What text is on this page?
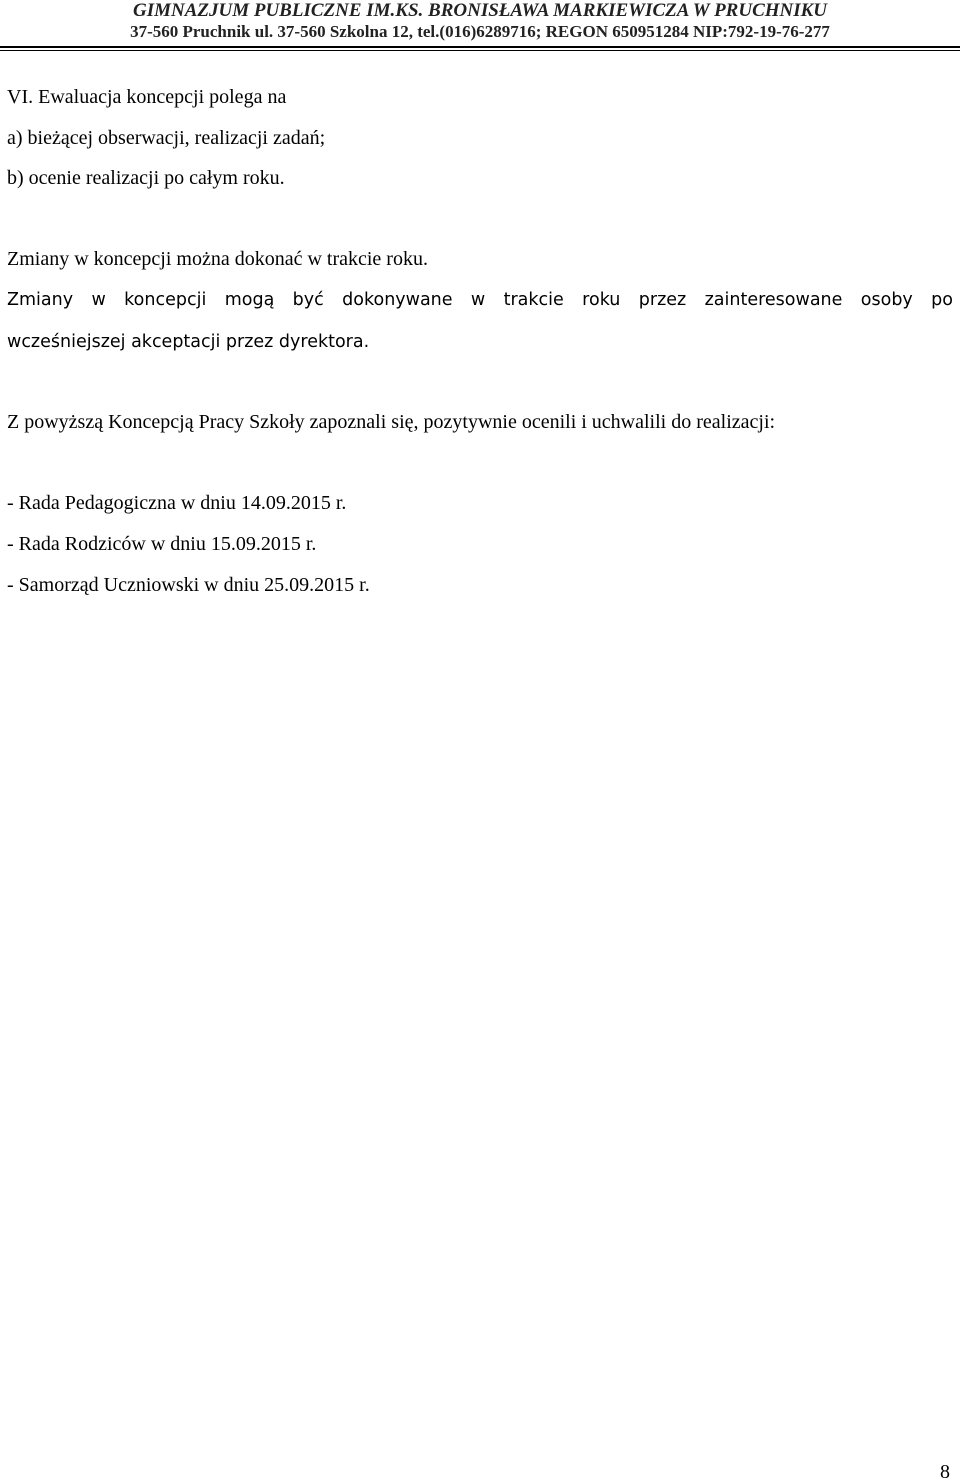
GIMNAZJUM PUBLICZNE IM.KS. BRONISŁAWA MARKIEWICZA W PRUCHNIKU
37-560 Pruchnik ul. 37-560 Szkolna 12, tel.(016)6289716; REGON 650951284 NIP:792-19-76-277
VI. Ewaluacja koncepcji polega na
a) bieżącej obserwacji, realizacji zadań;
b) ocenie realizacji po całym roku.
Zmiany w koncepcji można dokonać w trakcie roku.
Zmiany w koncepcji mogą być dokonywane w trakcie roku przez zainteresowane osoby po
wcześniejszej akceptacji przez dyrektora.
Z powyższą Koncepcją Pracy Szkoły zapoznali się, pozytywnie ocenili i uchwalili do realizacji:
- Rada Pedagogiczna w dniu 14.09.2015 r.
- Rada Rodziców w dniu 15.09.2015 r.
- Samorząd Uczniowski w dniu 25.09.2015 r.
8
